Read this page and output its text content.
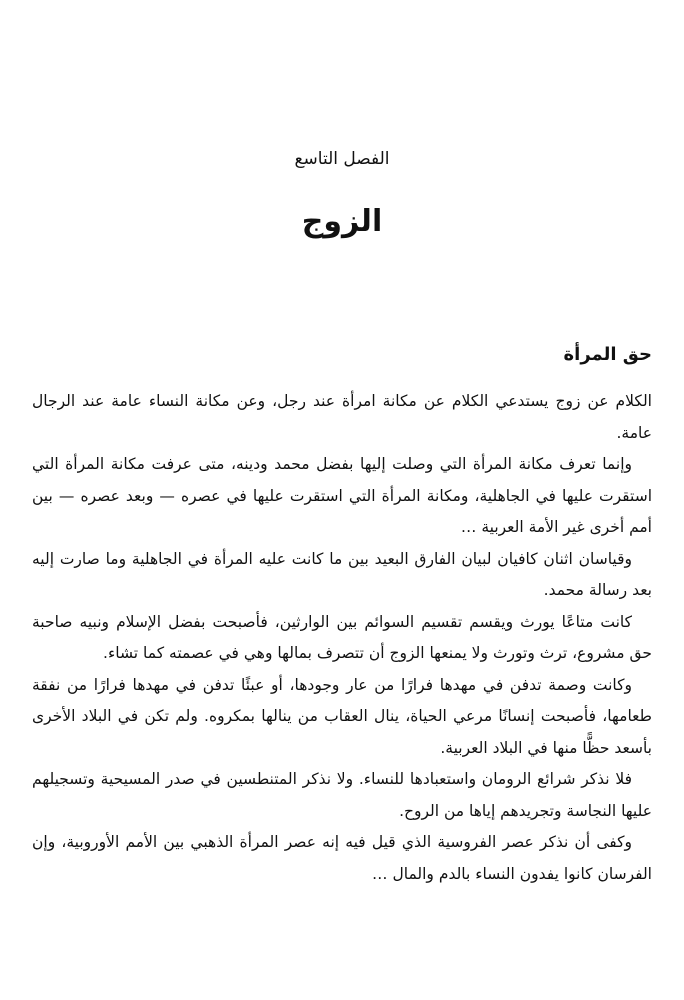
الفصل التاسع
الزوج
حق المرأة

الكلام عن زوج يستدعي الكلام عن مكانة امرأة عند رجل، وعن مكانة النساء عامة عند الرجال عامة.

وإنما تعرف مكانة المرأة التي وصلت إليها بفضل محمد ودينه، متى عرفت مكانة المرأة التي استقرت عليها في الجاهلية، ومكانة المرأة التي استقرت عليها في عصره — وبعد عصره — بين أمم أخرى غير الأمة العربية …

وقياسان اثنان كافيان لبيان الفارق البعيد بين ما كانت عليه المرأة في الجاهلية وما صارت إليه بعد رسالة محمد.

كانت متاعًا يورث ويقسم تقسيم السوائم بين الوارثين، فأصبحت بفضل الإسلام ونبيه صاحبة حق مشروع، ترث وتورث ولا يمنعها الزوج أن تتصرف بمالها وهي في عصمته كما تشاء.

وكانت وصمة تدفن في مهدها فرارًا من عار وجودها، أو عبئًا تدفن في مهدها فرارًا من نفقة طعامها، فأصبحت إنسانًا مرعي الحياة، ينال العقاب من ينالها بمكروه. ولم تكن في البلاد الأخرى بأسعد حظًّا منها في البلاد العربية.

فلا نذكر شرائع الرومان واستعبادها للنساء. ولا نذكر المتنطسين في صدر المسيحية وتسجيلهم عليها النجاسة وتجريدهم إياها من الروح.

وكفى أن نذكر عصر الفروسية الذي قيل فيه إنه عصر المرأة الذهبي بين الأمم الأوروبية، وإن الفرسان كانوا يفدون النساء بالدم والمال …
